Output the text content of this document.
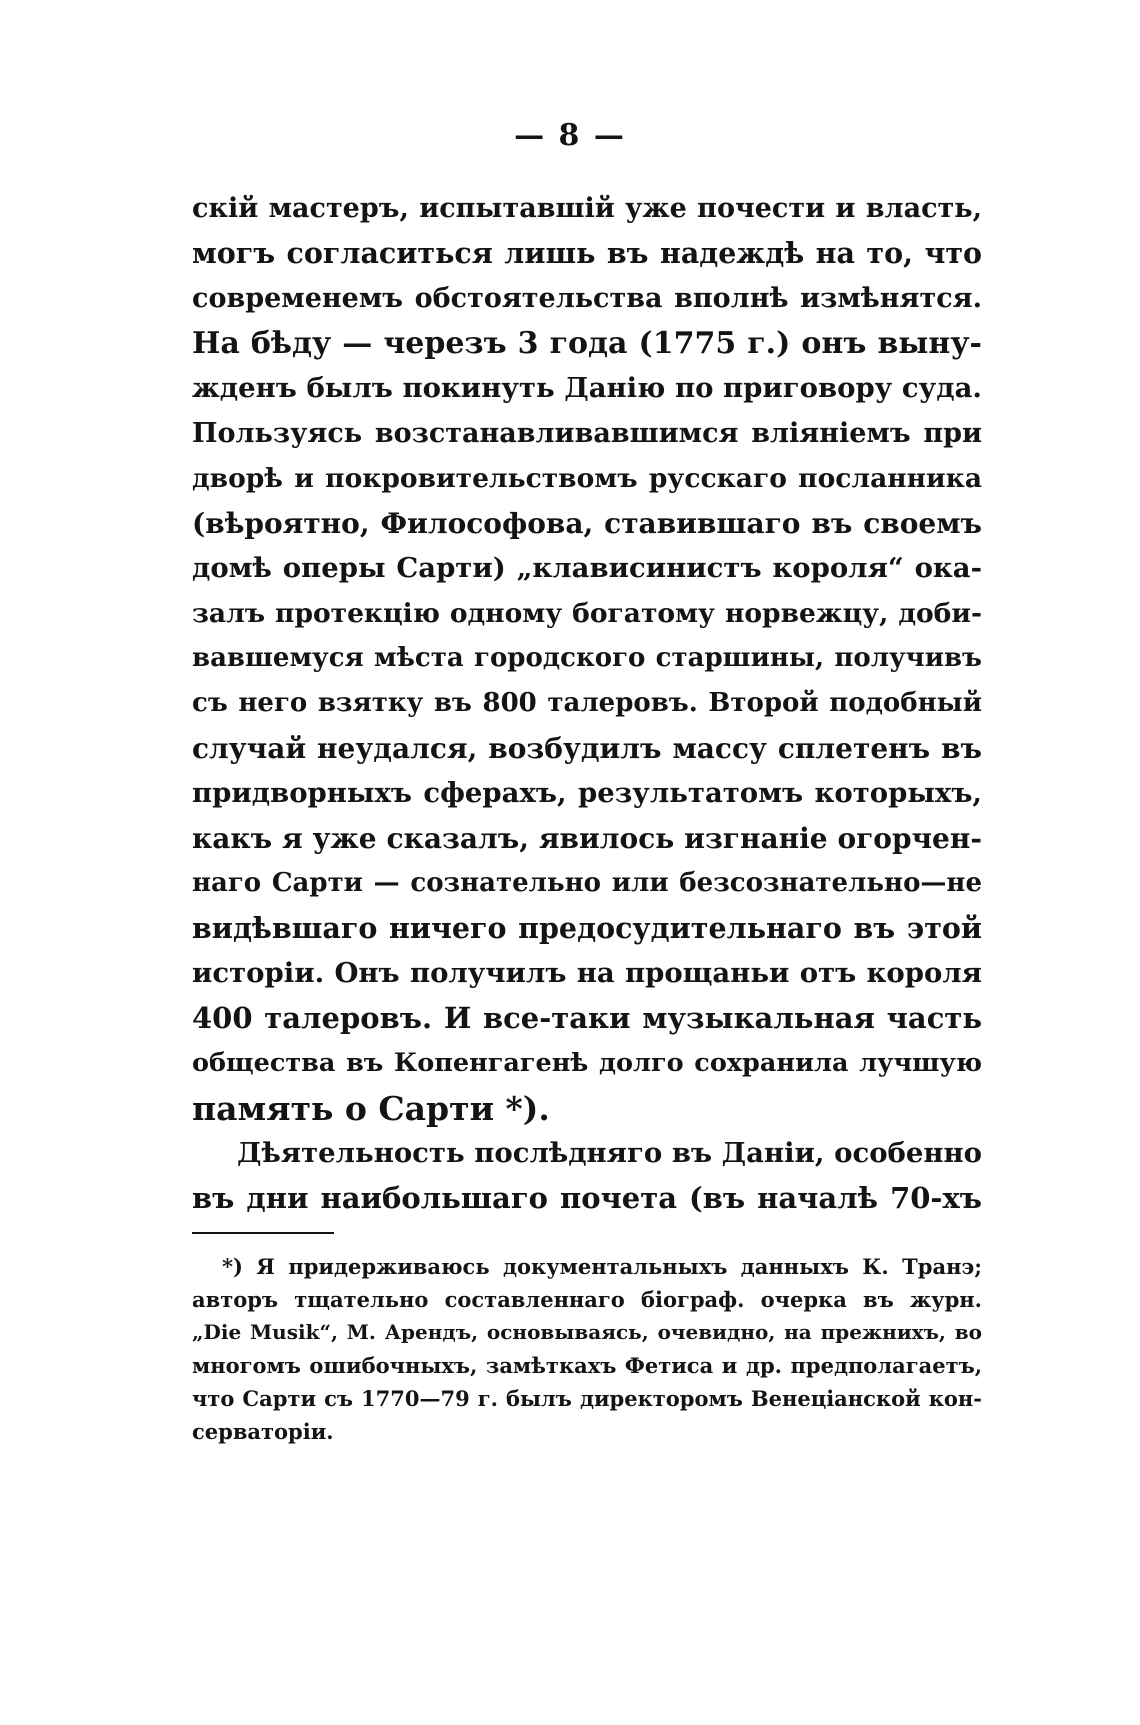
— 8 —
скій мастеръ, испытавшій уже почести и власть,
могъ согласиться лишь въ надеждѣ на то, что
современемъ обстоятельства вполнѣ измѣнятся.
На бѣду — черезъ 3 года (1775 г.) онъ выну-
жденъ былъ покинуть Данію по приговору суда.
Пользуясь возстанавливавшимся вліяніемъ при
дворѣ и покровительствомъ русскаго посланника
(вѣроятно, Философова, ставившаго въ своемъ
домѣ оперы Сарти) „клависинистъ короля“ ока-
залъ протекцію одному богатому норвежцу, доби-
вавшемуся мѣста городского старшины, получивъ
съ него взятку въ 800 талеровъ. Второй подобный
случай неудался, возбудилъ массу сплетенъ въ
придворныхъ сферахъ, результатомъ которыхъ,
какъ я уже сказалъ, явилось изгнаніе огорчен-
наго Сарти — сознательно или безсознательно—не
видѣвшаго ничего предосудительнаго въ этой
исторіи. Онъ получилъ на прощаньи отъ короля
400 талеровъ. И все-таки музыкальная часть
общества въ Копенгагенѣ долго сохранила лучшую
память о Сарти *).
Дѣятельность послѣдняго въ Даніи, особенно
въ дни наибольшаго почета (въ началѣ 70-хъ
*) Я придерживаюсь документальныхъ данныхъ К. Транэ;
авторъ тщательно составленнаго біограф. очерка въ журн.
„Die Musik“, М. Арендъ, основываясь, очевидно, на прежнихъ, во
многомъ ошибочныхъ, замѣткахъ Фетиса и др. предполагаетъ,
что Сарти съ 1770—79 г. былъ директоромъ Венеціанской кон-
серваторіи.
